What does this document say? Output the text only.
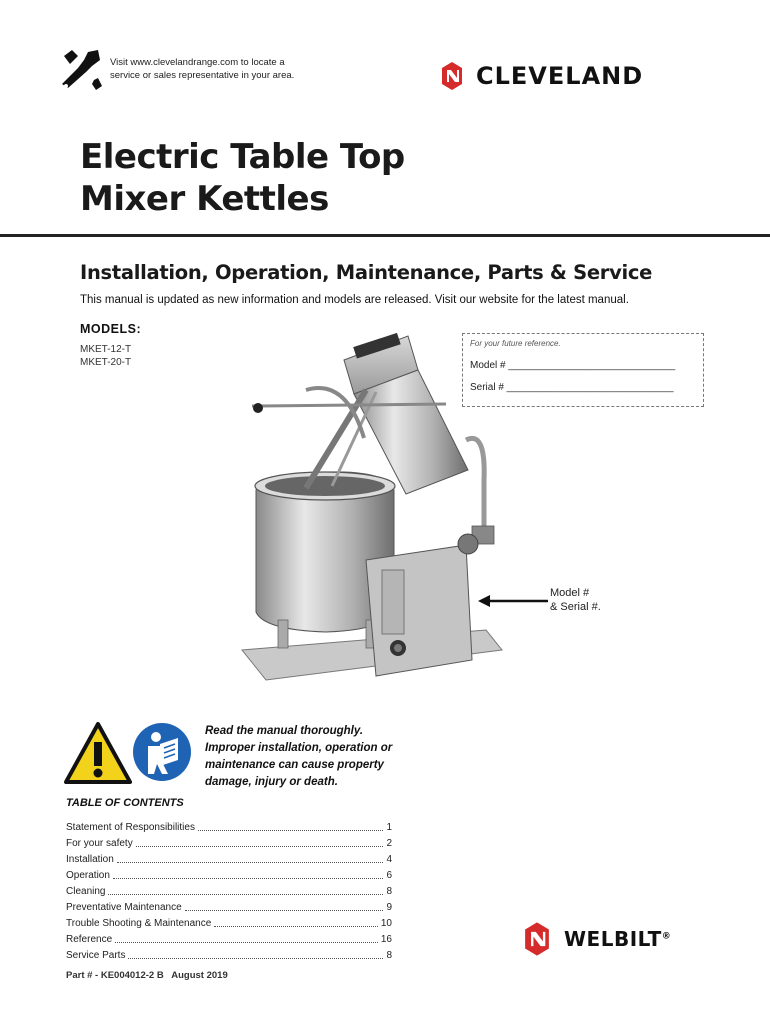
Visit www.clevelandrange.com to locate a service or sales representative in your area.	CLEVELAND
Electric Table Top
Mixer Kettles
Installation, Operation, Maintenance, Parts & Service
This manual is updated as new information and models are released. Visit our website for the latest manual.
MODELS:
MKET-12-T
MKET-20-T
For your future reference.
Model # ______________________________
Serial # ______________________________
Model #
& Serial #.
Read the manual thoroughly.
Improper installation, operation or
maintenance can cause property
damage, injury or death.
TABLE OF CONTENTS
Statement of Responsibilities	1
For your safety	2
Installation	4
Operation	6
Cleaning	8
Preventative Maintenance	9
Trouble Shooting & Maintenance	10
Reference	16
Service Parts	8
Part # - KE004012-2 B   August 2019
WELBILT®
